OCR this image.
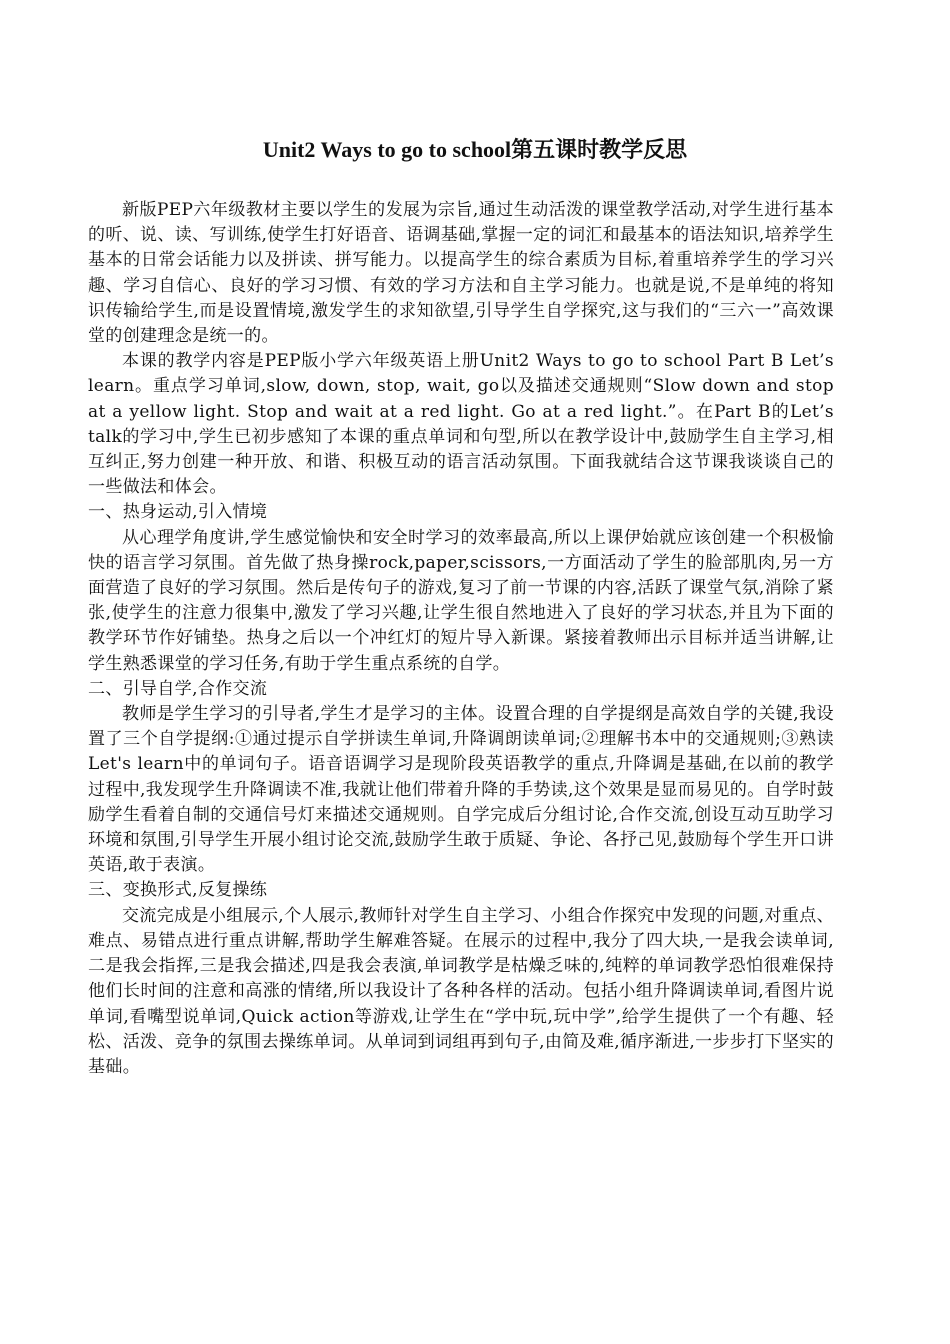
Unit2 Ways to go to school第五课时教学反思

新版PEP六年级教材主要以学生的发展为宗旨,通过生动活泼的课堂教学活动,对学生进行基本的听、说、读、写训练,使学生打好语音、语调基础,掌握一定的词汇和最基本的语法知识,培养学生基本的日常会话能力以及拼读、拼写能力。以提高学生的综合素质为目标,着重培养学生的学习兴趣、学习自信心、良好的学习习惯、有效的学习方法和自主学习能力。也就是说,不是单纯的将知识传输给学生,而是设置情境,激发学生的求知欲望,引导学生自学探究,这与我们的“三六一”高效课堂的创建理念是统一的。

本课的教学内容是PEP版小学六年级英语上册Unit2 Ways to go to school Part B Let’s learn。重点学习单词,slow, down, stop, wait, go以及描述交通规则“Slow down and stop at a yellow light. Stop and wait at a red light. Go at a red light.”。在Part B的Let’s talk的学习中,学生已初步感知了本课的重点单词和句型,所以在教学设计中,鼓励学生自主学习,相互纠正,努力创建一种开放、和谐、积极互动的语言活动氛围。下面我就结合这节课我谈谈自己的一些做法和体会。

一、热身运动,引入情境

从心理学角度讲,学生感觉愉快和安全时学习的效率最高,所以上课伊始就应该创建一个积极愉快的语言学习氛围。首先做了热身操rock,paper,scissors,一方面活动了学生的脸部肌肉,另一方面营造了良好的学习氛围。然后是传句子的游戏,复习了前一节课的内容,活跃了课堂气氛,消除了紧张,使学生的注意力很集中,激发了学习兴趣,让学生很自然地进入了良好的学习状态,并且为下面的教学环节作好铺垫。热身之后以一个冲红灯的短片导入新课。紧接着教师出示目标并适当讲解,让学生熟悉课堂的学习任务,有助于学生重点系统的自学。

二、引导自学,合作交流

教师是学生学习的引导者,学生才是学习的主体。设置合理的自学提纲是高效自学的关键,我设置了三个自学提纲:①通过提示自学拼读生单词,升降调朗读单词;②理解书本中的交通规则;③熟读Let's learn中的单词句子。语音语调学习是现阶段英语教学的重点,升降调是基础,在以前的教学过程中,我发现学生升降调读不准,我就让他们带着升降的手势读,这个效果是显而易见的。自学时鼓励学生看着自制的交通信号灯来描述交通规则。自学完成后分组讨论,合作交流,创设互动互助学习环境和氛围,引导学生开展小组讨论交流,鼓励学生敢于质疑、争论、各抒己见,鼓励每个学生开口讲英语,敢于表演。

三、变换形式,反复操练

交流完成是小组展示,个人展示,教师针对学生自主学习、小组合作探究中发现的问题,对重点、难点、易错点进行重点讲解,帮助学生解难答疑。在展示的过程中,我分了四大块,一是我会读单词,二是我会指挥,三是我会描述,四是我会表演,单词教学是枯燥乏味的,纯粹的单词教学恐怕很难保持他们长时间的注意和高涨的情绪,所以我设计了各种各样的活动。包括小组升降调读单词,看图片说单词,看嘴型说单词,Quick action等游戏,让学生在“学中玩,玩中学”,给学生提供了一个有趣、轻松、活泼、竞争的氛围去操练单词。从单词到词组再到句子,由简及难,循序渐进,一步步打下坚实的基础。
